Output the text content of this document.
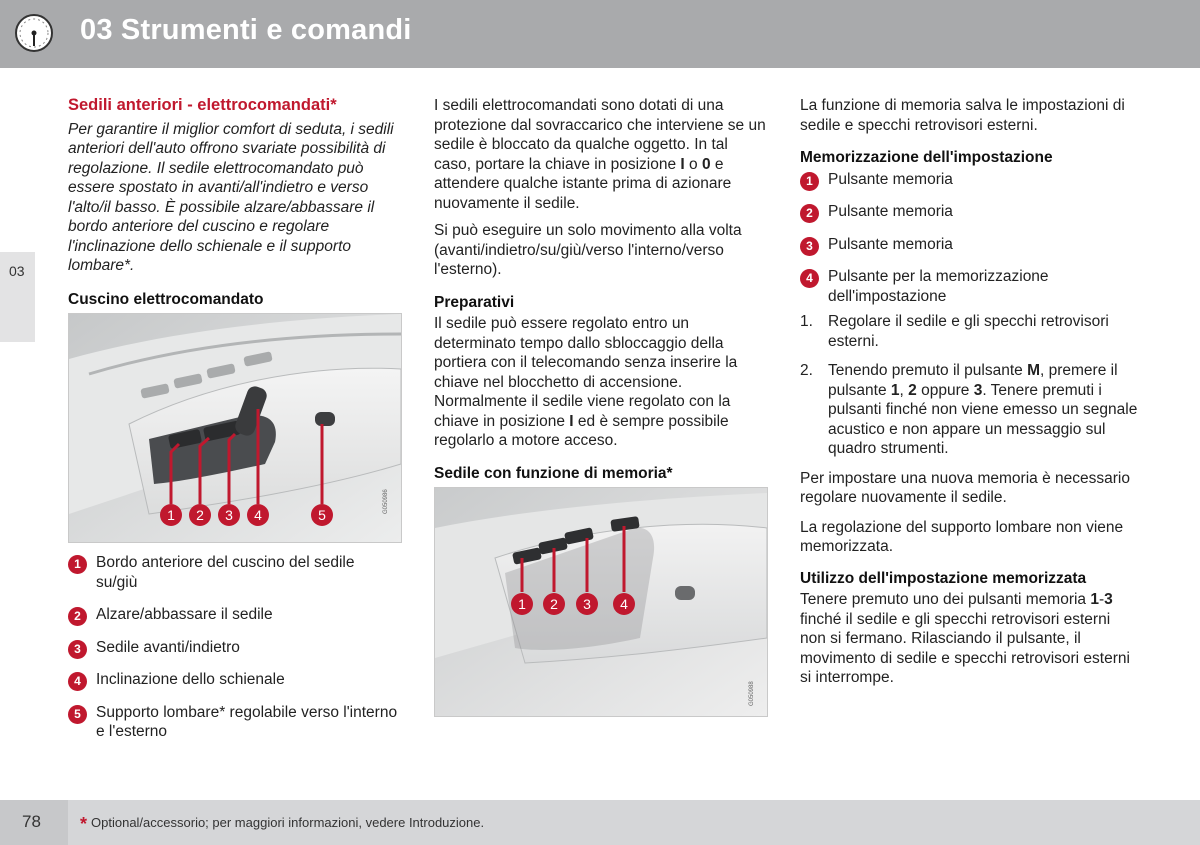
03 Strumenti e comandi
03
Sedili anteriori - elettrocomandati*

Per garantire il miglior comfort di seduta, i sedili anteriori dell'auto offrono svariate possibilità di regolazione. Il sedile elettrocomandato può essere spostato in avanti/all'indietro e verso l'alto/il basso. È possibile alzare/abbassare il bordo anteriore del cuscino e regolare l'inclinazione dello schienale e il supporto lombare*.

Cuscino elettrocomandato
1 2 3 4	5
G050986
1 Bordo anteriore del cuscino del sedile su/giù
2 Alzare/abbassare il sedile
3 Sedile avanti/indietro
4 Inclinazione dello schienale
5 Supporto lombare* regolabile verso l'interno e l'esterno

I sedili elettrocomandati sono dotati di una protezione dal sovraccarico che interviene se un sedile è bloccato da qualche oggetto. In tal caso, portare la chiave in posizione I o 0 e attendere qualche istante prima di azionare nuovamente il sedile.

Si può eseguire un solo movimento alla volta (avanti/indietro/su/giù/verso l'interno/verso l'esterno).

Preparativi

Il sedile può essere regolato entro un determinato tempo dallo sbloccaggio della portiera con il telecomando senza inserire la chiave nel blocchetto di accensione. Normalmente il sedile viene regolato con la chiave in posizione I ed è sempre possibile regolarlo a motore acceso.

Sedile con funzione di memoria*
1 2 3 4
G050988

La funzione di memoria salva le impostazioni di sedile e specchi retrovisori esterni.

Memorizzazione dell'impostazione
1 Pulsante memoria
2 Pulsante memoria
3 Pulsante memoria
4 Pulsante per la memorizzazione dell'impostazione
1. Regolare il sedile e gli specchi retrovisori esterni.
2. Tenendo premuto il pulsante M, premere il pulsante 1, 2 oppure 3. Tenere premuti i pulsanti finché non viene emesso un segnale acustico e non appare un messaggio sul quadro strumenti.

Per impostare una nuova memoria è necessario regolare nuovamente il sedile.

La regolazione del supporto lombare non viene memorizzata.

Utilizzo dell'impostazione memorizzata

Tenere premuto uno dei pulsanti memoria 1-3 finché il sedile e gli specchi retrovisori esterni non si fermano. Rilasciando il pulsante, il movimento di sedile e specchi retrovisori esterni si interrompe.

78 * Optional/accessorio; per maggiori informazioni, vedere Introduzione.
